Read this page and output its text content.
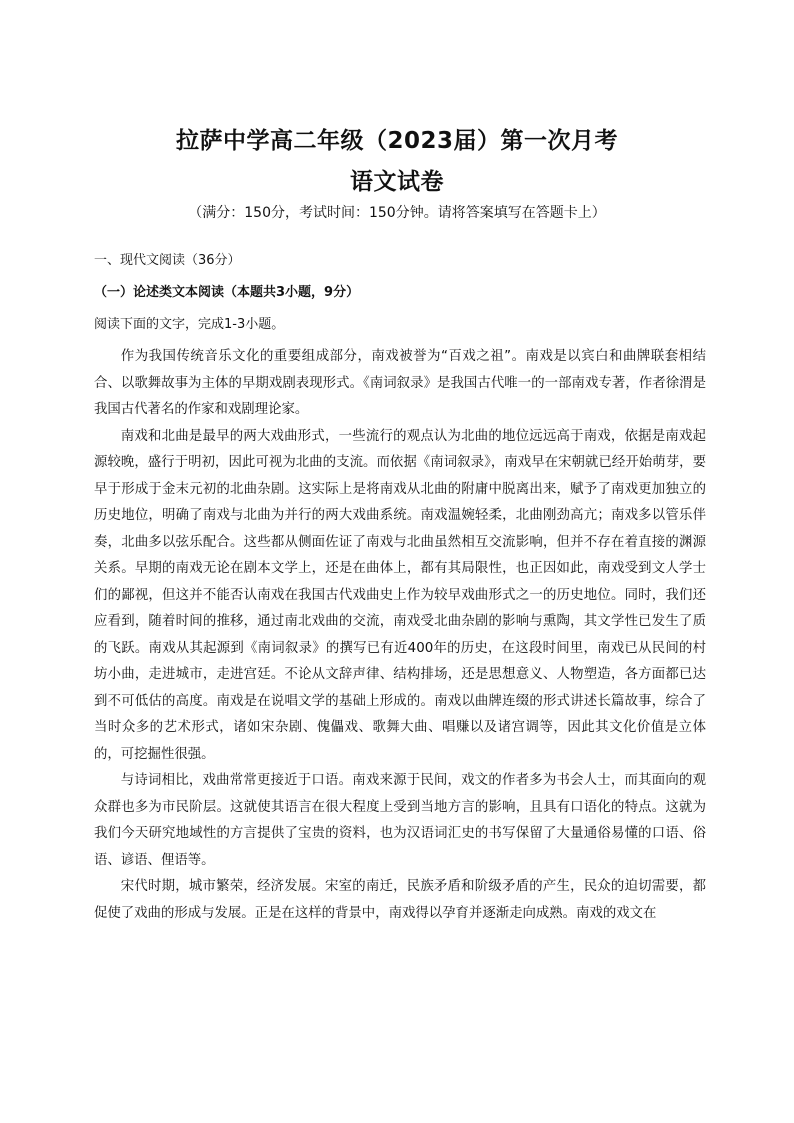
拉萨中学高二年级（2023届）第一次月考
语文试卷
（满分：150分，考试时间：150分钟。请将答案填写在答题卡上）
一、现代文阅读（36分）
（一）论述类文本阅读（本题共3小题，9分）
阅读下面的文字，完成1-3小题。

作为我国传统音乐文化的重要组成部分，南戏被誉为“百戏之祖”。南戏是以宾白和曲牌联套相结合、以歌舞故事为主体的早期戏剧表现形式。《南词叙录》是我国古代唯一的一部南戏专著，作者徐渭是我国古代著名的作家和戏剧理论家。

南戏和北曲是最早的两大戏曲形式，一些流行的观点认为北曲的地位远远高于南戏，依据是南戏起源较晚，盛行于明初，因此可视为北曲的支流。而依据《南词叙录》，南戏早在宋朝就已经开始萌芽，要早于形成于金末元初的北曲杂剧。这实际上是将南戏从北曲的附庸中脱离出来，赋予了南戏更加独立的历史地位，明确了南戏与北曲为并行的两大戏曲系统。南戏温婉轻柔，北曲刚劲高亢；南戏多以管乐伴奏，北曲多以弦乐配合。这些都从侧面佐证了南戏与北曲虽然相互交流影响，但并不存在着直接的渊源关系。早期的南戏无论在剧本文学上，还是在曲体上，都有其局限性，也正因如此，南戏受到文人学士们的鄙视，但这并不能否认南戏在我国古代戏曲史上作为较早戏曲形式之一的历史地位。同时，我们还应看到，随着时间的推移，通过南北戏曲的交流，南戏受北曲杂剧的影响与熏陶，其文学性已发生了质的飞跃。南戏从其起源到《南词叙录》的撰写已有近400年的历史，在这段时间里，南戏已从民间的村坊小曲，走进城市，走进宫廷。不论从文辞声律、结构排场，还是思想意义、人物塑造，各方面都已达到不可低估的高度。南戏是在说唱文学的基础上形成的。南戏以曲牌连缀的形式讲述长篇故事，综合了当时众多的艺术形式，诸如宋杂剧、傀儡戏、歌舞大曲、唱赚以及诸宫调等，因此其文化价值是立体的，可挖掘性很强。

与诗词相比，戏曲常常更接近于口语。南戏来源于民间，戏文的作者多为书会人士，而其面向的观众群也多为市民阶层。这就使其语言在很大程度上受到当地方言的影响，且具有口语化的特点。这就为我们今天研究地域性的方言提供了宝贵的资料，也为汉语词汇史的书写保留了大量通俗易懂的口语、俗语、谚语、俚语等。

宋代时期，城市繁荣，经济发展。宋室的南迁，民族矛盾和阶级矛盾的产生，民众的迫切需要，都促使了戏曲的形成与发展。正是在这样的背景中，南戏得以孕育并逐渐走向成熟。南戏的戏文在
